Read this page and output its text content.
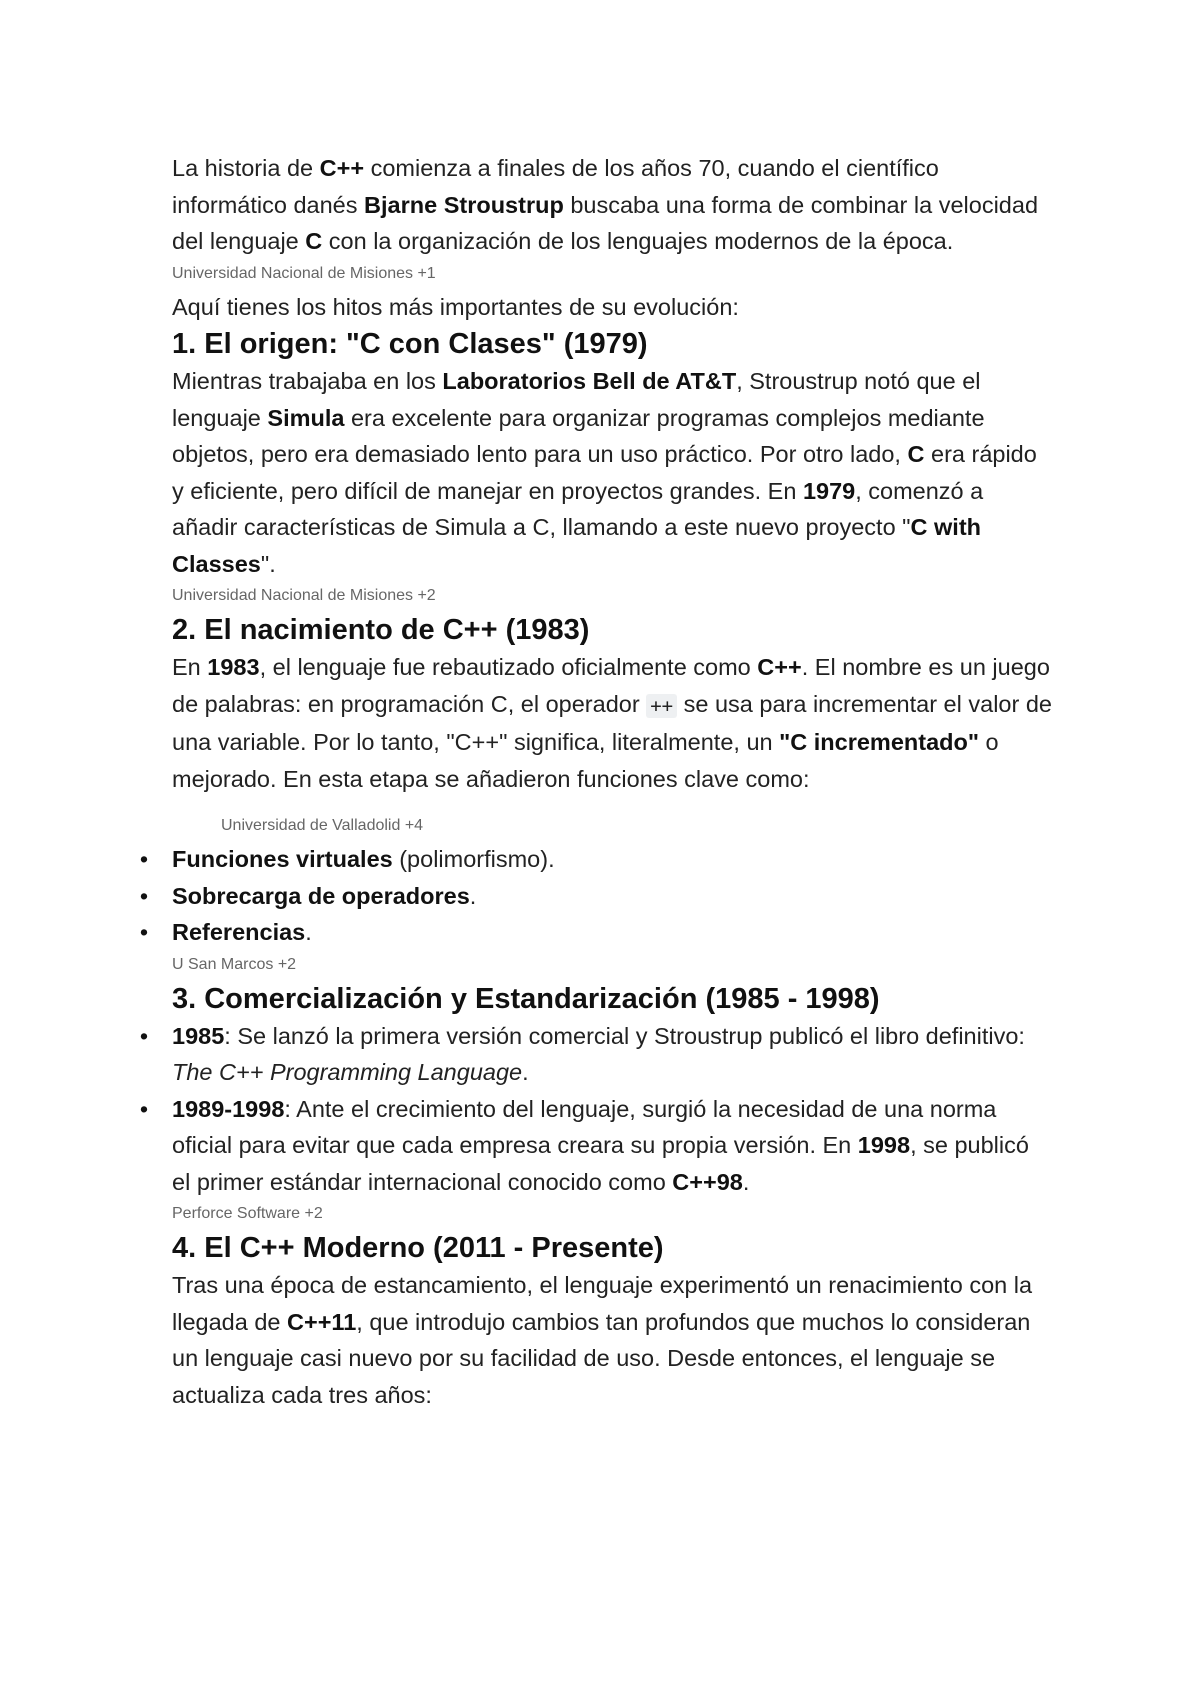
La historia de C++ comienza a finales de los años 70, cuando el científico informático danés Bjarne Stroustrup buscaba una forma de combinar la velocidad del lenguaje C con la organización de los lenguajes modernos de la época.

Universidad Nacional de Misiones +1

Aquí tienes los hitos más importantes de su evolución:

1. El origen: "C con Clases" (1979)

Mientras trabajaba en los Laboratorios Bell de AT&T, Stroustrup notó que el lenguaje Simula era excelente para organizar programas complejos mediante objetos, pero era demasiado lento para un uso práctico. Por otro lado, C era rápido y eficiente, pero difícil de manejar en proyectos grandes. En 1979, comenzó a añadir características de Simula a C, llamando a este nuevo proyecto "C with Classes".

Universidad Nacional de Misiones +2
2. El nacimiento de C++ (1983)

En 1983, el lenguaje fue rebautizado oficialmente como C++. El nombre es un juego de palabras: en programación C, el operador ++ se usa para incrementar el valor de una variable. Por lo tanto, "C++" significa, literalmente, un "C incrementado" o mejorado. En esta etapa se añadieron funciones clave como:

Universidad de Valladolid +4
• Funciones virtuales (polimorfismo).
• Sobrecarga de operadores.
• Referencias.
U San Marcos +2
3. Comercialización y Estandarización (1985 - 1998)
• 1985: Se lanzó la primera versión comercial y Stroustrup publicó el libro definitivo: The C++ Programming Language.
• 1989-1998: Ante el crecimiento del lenguaje, surgió la necesidad de una norma oficial para evitar que cada empresa creara su propia versión. En 1998, se publicó el primer estándar internacional conocido como C++98.
Perforce Software +2
4. El C++ Moderno (2011 - Presente)

Tras una época de estancamiento, el lenguaje experimentó un renacimiento con la llegada de C++11, que introdujo cambios tan profundos que muchos lo consideran un lenguaje casi nuevo por su facilidad de uso. Desde entonces, el lenguaje se actualiza cada tres años:
